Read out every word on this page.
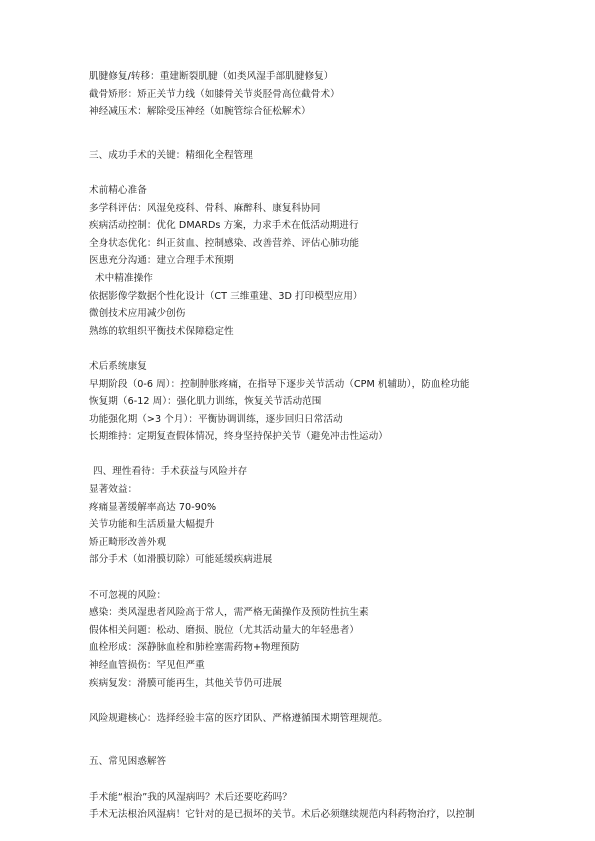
肌腱修复/转移：重建断裂肌腱（如类风湿手部肌腱修复）
截骨矫形：矫正关节力线（如膝骨关节炎胫骨高位截骨术）
神经减压术：解除受压神经（如腕管综合征松解术）
三、成功手术的关键：精细化全程管理
术前精心准备
多学科评估：风湿免疫科、骨科、麻醉科、康复科协同
疾病活动控制：优化 DMARDs 方案，力求手术在低活动期进行
全身状态优化：纠正贫血、控制感染、改善营养、评估心肺功能
医患充分沟通：建立合理手术预期
术中精准操作
依据影像学数据个性化设计（CT 三维重建、3D 打印模型应用）
微创技术应用减少创伤
熟练的软组织平衡技术保障稳定性
术后系统康复
早期阶段（0-6 周）：控制肿胀疼痛，在指导下逐步关节活动（CPM 机辅助），防血栓功能
恢复期（6-12 周）：强化肌力训练，恢复关节活动范围
功能强化期（>3 个月）：平衡协调训练，逐步回归日常活动
长期维持：定期复查假体情况，终身坚持保护关节（避免冲击性运动）
四、理性看待：手术获益与风险并存
显著效益：
疼痛显著缓解率高达 70-90%
关节功能和生活质量大幅提升
矫正畸形改善外观
部分手术（如滑膜切除）可能延缓疾病进展
不可忽视的风险：
感染：类风湿患者风险高于常人，需严格无菌操作及预防性抗生素
假体相关问题：松动、磨损、脱位（尤其活动量大的年轻患者）
血栓形成：深静脉血栓和肺栓塞需药物+物理预防
神经血管损伤：罕见但严重
疾病复发：滑膜可能再生，其他关节仍可进展
风险规避核心：选择经验丰富的医疗团队、严格遵循围术期管理规范。
五、常见困惑解答
手术能“根治”我的风湿病吗？术后还要吃药吗？
手术无法根治风湿病！它针对的是已损坏的关节。术后必须继续规范内科药物治疗，以控制
